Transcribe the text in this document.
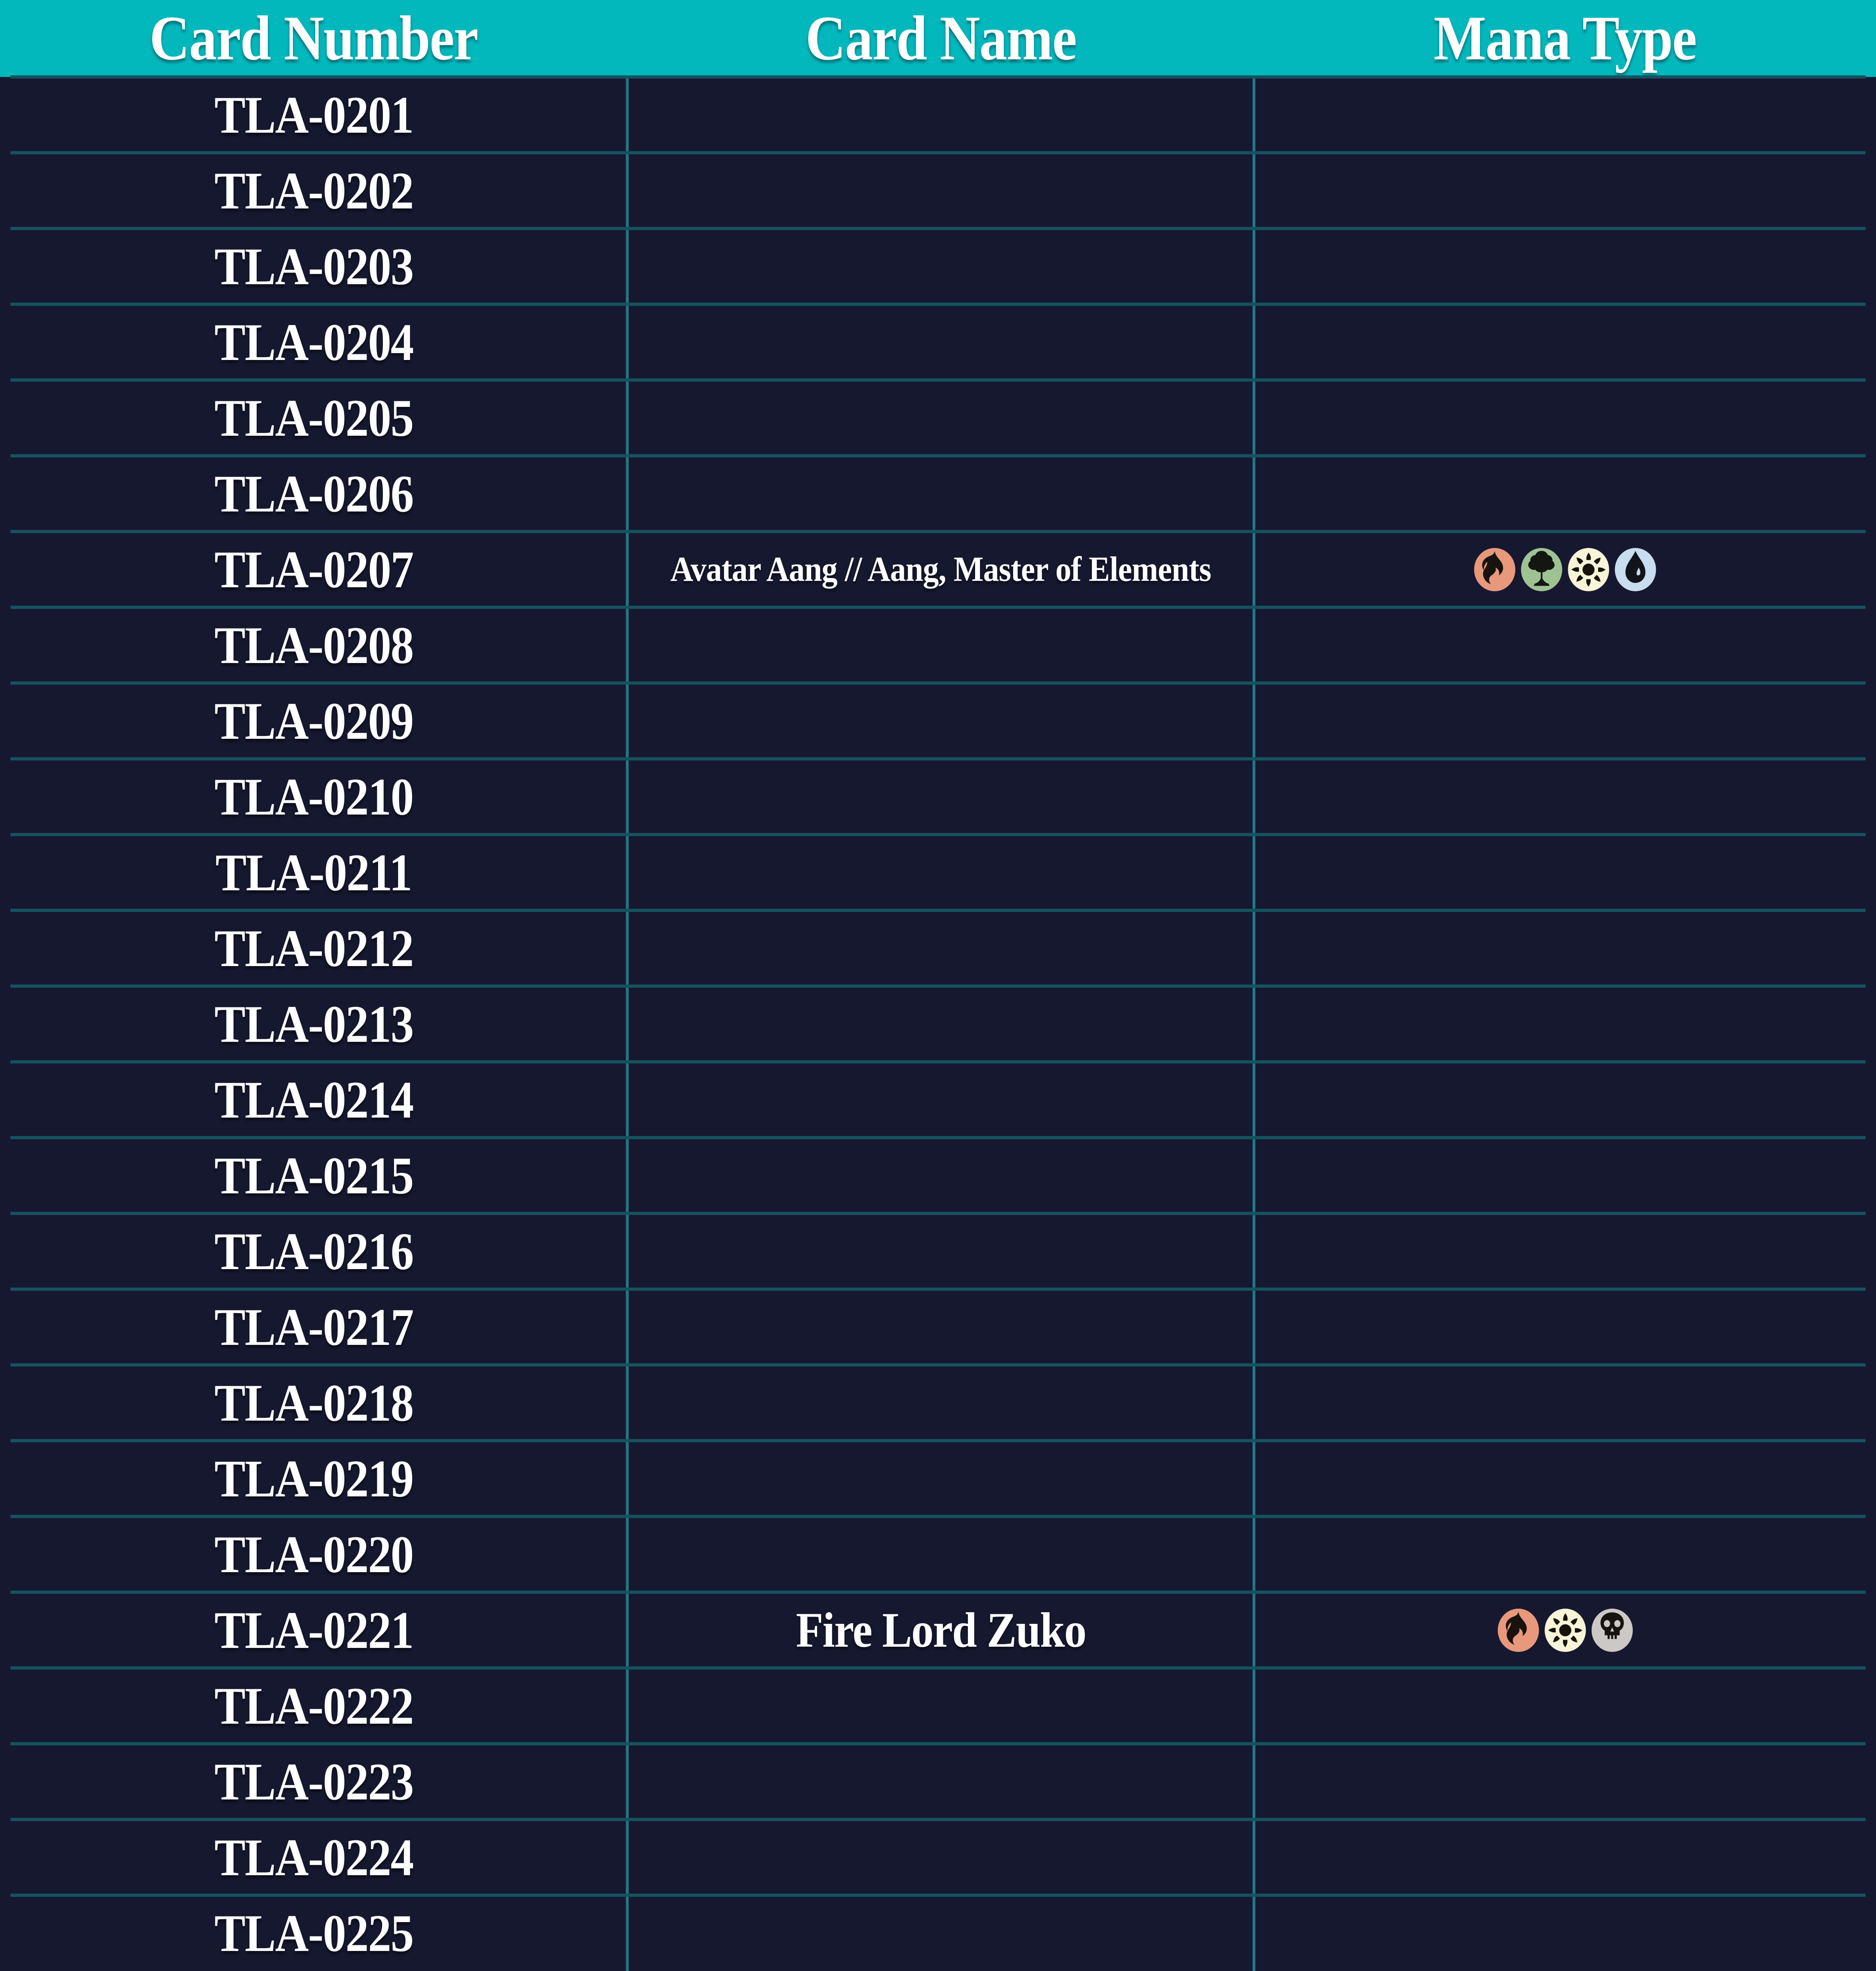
Card Number	Card Name	Mana Type
TLA-0201
TLA-0202
TLA-0203
TLA-0204
TLA-0205
TLA-0206
TLA-0207	Avatar Aang // Aang, Master of Elements
TLA-0208
TLA-0209
TLA-0210
TLA-0211
TLA-0212
TLA-0213
TLA-0214
TLA-0215
TLA-0216
TLA-0217
TLA-0218
TLA-0219
TLA-0220
TLA-0221	Fire Lord Zuko
TLA-0222
TLA-0223
TLA-0224
TLA-0225
